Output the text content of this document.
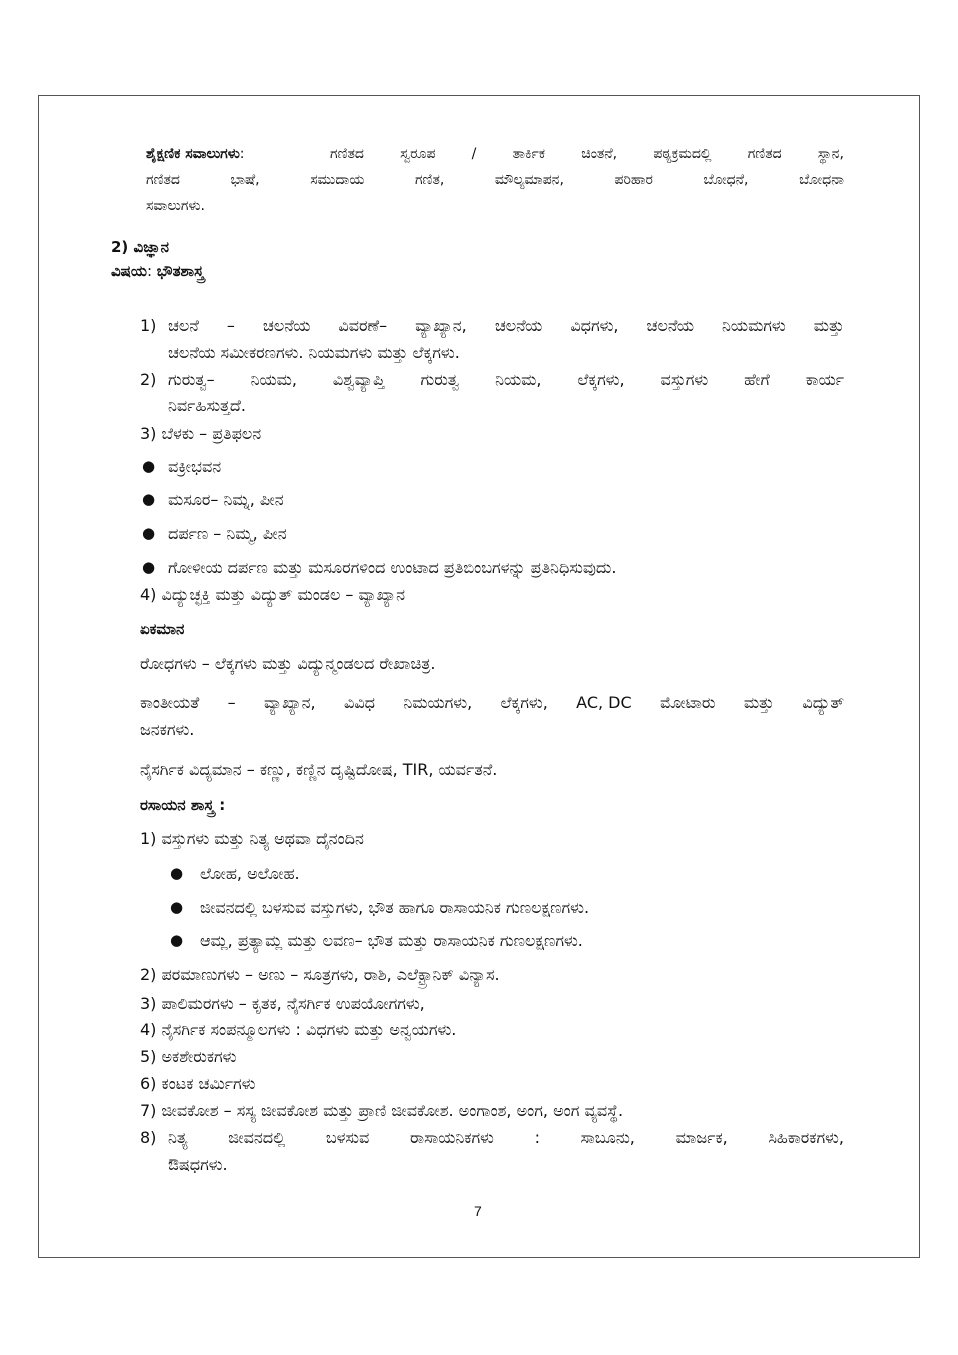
ಶೈಕ್ಷಣಿಕ ಸವಾಲುಗಳು:	ಗಣಿತದ	ಸ್ವರೂಪ	/	ತಾರ್ಕಿಕ	ಚಿಂತನೆ,	ಪಠ್ಯಕ್ರಮದಲ್ಲಿ	ಗಣಿತದ	ಸ್ಥಾನ,
ಗಣಿತದ	ಭಾಷೆ,	ಸಮುದಾಯ	ಗಣಿತ,	ಮೌಲ್ಯಮಾಪನ,	ಪರಿಹಾರ	ಬೋಧನೆ,	ಬೋಧನಾ
ಸವಾಲುಗಳು.
2) ವಿಜ್ಞಾನ
ವಿಷಯ: ಭೌತಶಾಸ್ತ್ರ
1) ಚಲನೆ – ಚಲನೆಯ ವಿವರಣೆ– ವ್ಯಾಖ್ಯಾನ, ಚಲನೆಯ ವಿಧಗಳು, ಚಲನೆಯ ನಿಯಮಗಳು ಮತ್ತು
ಚಲನೆಯ ಸಮೀಕರಣಗಳು. ನಿಯಮಗಳು ಮತ್ತು ಲೆಕ್ಕಗಳು.
2) ಗುರುತ್ವ– ನಿಯಮ, ವಿಶ್ವವ್ಯಾಪ್ತಿ ಗುರುತ್ವ ನಿಯಮ, ಲೆಕ್ಕಗಳು, ವಸ್ತುಗಳು ಹೇಗೆ ಕಾರ್ಯ
ನಿರ್ವಹಿಸುತ್ತದೆ.
3) ಬೆಳಕು – ಪ್ರತಿಫಲನ
● ವಕ್ರೀಭವನ
● ಮಸೂರ– ನಿಮ್ನ, ಪೀನ
● ದರ್ಪಣ – ನಿಮ್ಮ, ಪೀನ
● ಗೋಳೀಯ ದರ್ಪಣ ಮತ್ತು ಮಸೂರಗಳಿಂದ ಉಂಟಾದ ಪ್ರತಿಬಿಂಬಗಳನ್ನು ಪ್ರತಿನಿಧಿಸುವುದು.
4) ವಿದ್ಯುಚ್ಛಕ್ತಿ ಮತ್ತು ವಿದ್ಯುತ್ ಮಂಡಲ – ವ್ಯಾಖ್ಯಾನ
ಏಕಮಾನ
ರೋಧಗಳು – ಲೆಕ್ಕಗಳು ಮತ್ತು ವಿದ್ಯುನ್ಮಂಡಲದ ರೇಖಾಚಿತ್ರ.
ಕಾಂತೀಯತೆ – ವ್ಯಾಖ್ಯಾನ, ವಿವಿಧ ನಿಮಯಗಳು, ಲೆಕ್ಕಗಳು, AC, DC ಮೋಟಾರು ಮತ್ತು ವಿದ್ಯುತ್
ಜನಕಗಳು.
ನೈಸರ್ಗಿಕ ವಿದ್ಯಮಾನ – ಕಣ್ಣು, ಕಣ್ಣಿನ ದೃಷ್ಟಿದೋಷ, TIR, ಯರ್ವತನೆ.
ರಸಾಯನ ಶಾಸ್ತ್ರ :
1) ವಸ್ತುಗಳು ಮತ್ತು ನಿತ್ಯ ಅಥವಾ ದೈನಂದಿನ
● ಲೋಹ, ಅಲೋಹ.
● ಜೀವನದಲ್ಲಿ ಬಳಸುವ ವಸ್ತುಗಳು, ಭೌತ ಹಾಗೂ ರಾಸಾಯನಿಕ ಗುಣಲಕ್ಷಣಗಳು.
● ಆಮ್ಲ, ಪ್ರತ್ಯಾಮ್ಲ ಮತ್ತು ಲವಣ– ಭೌತ ಮತ್ತು ರಾಸಾಯನಿಕ ಗುಣಲಕ್ಷಣಗಳು.
2) ಪರಮಾಣುಗಳು – ಅಣು – ಸೂತ್ರಗಳು, ರಾಶಿ, ಎಲೆಕ್ಟ್ರಾನಿಕ್ ವಿನ್ಯಾಸ.
3) ಪಾಲಿಮರಗಳು – ಕೃತಕ, ನೈಸರ್ಗಿಕ ಉಪಯೋಗಗಳು,
4) ನೈಸರ್ಗಿಕ ಸಂಪನ್ಮೂಲಗಳು : ವಿಧಗಳು ಮತ್ತು ಅನ್ವಯಗಳು.
5) ಅಕಶೇರುಕಗಳು
6) ಕಂಟಕ ಚರ್ಮಿಗಳು
7) ಜೀವಕೋಶ – ಸಸ್ಯ ಜೀವಕೋಶ ಮತ್ತು ಪ್ರಾಣಿ ಜೀವಕೋಶ. ಅಂಗಾಂಶ, ಅಂಗ, ಅಂಗ ವ್ಯವಸ್ಥೆ.
8) ನಿತ್ಯ	ಜೀವನದಲ್ಲಿ	ಬಳಸುವ	ರಾಸಾಯನಿಕಗಳು	:	ಸಾಬೂನು,	ಮಾರ್ಜಕ,	ಸಿಹಿಕಾರಕಗಳು,
ಔಷಧಗಳು.
7
